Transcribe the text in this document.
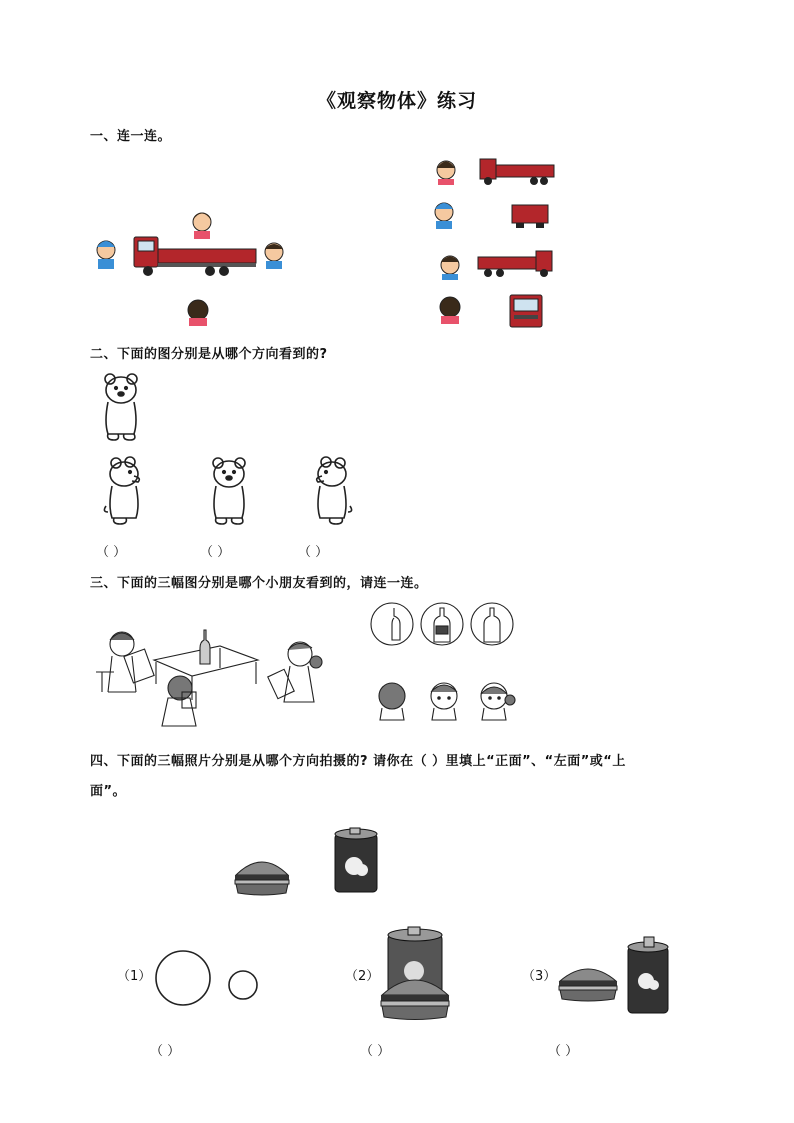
《观察物体》练习
一、连一连。
二、下面的图分别是从哪个方向看到的?
（ ）	（ ）	（ ）
三、下面的三幅图分别是哪个小朋友看到的，请连一连。
四、下面的三幅照片分别是从哪个方向拍摄的? 请你在（ ）里填上“正面”、“左面”或“上
面”。
（1）	（2）	（3）
（ ）	（ ）	（ ）
